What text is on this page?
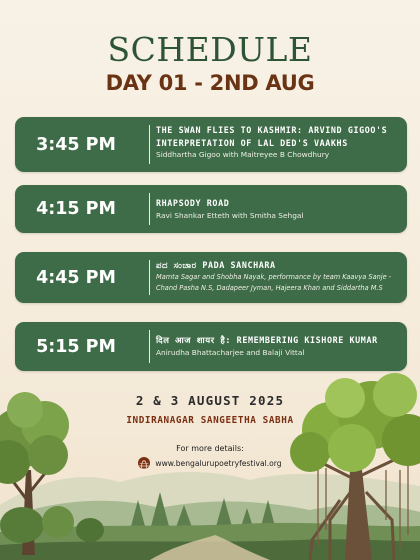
SCHEDULE
DAY 01 - 2ND AUG
3:45 PM
THE SWAN FLIES TO KASHMIR: ARVIND GIGOO'S INTERPRETATION OF LAL DED'S VAAKHS
Siddhartha Gigoo with Maitreyee B Chowdhury
4:15 PM	RHAPSODY ROAD
Ravi Shankar Etteth with Smitha Sehgal
4:45 PM
ಪದ ಸಂಚಾರ PADA SANCHARA
Mamta Sagar and Shobha Nayak, performance by team Kaavya Sanje - Chand Pasha N.S, Dadapeer Jyman, Hajeera Khan and Siddartha M.S
5:15 PM	दिल आज शायर है: REMEMBERING KISHORE KUMAR
Anirudha Bhattacharjee and Balaji Vittal
2 & 3 AUGUST 2025
INDIRANAGAR SANGEETHA SABHA
For more details:
www.bengalurupoetryfestival.org
